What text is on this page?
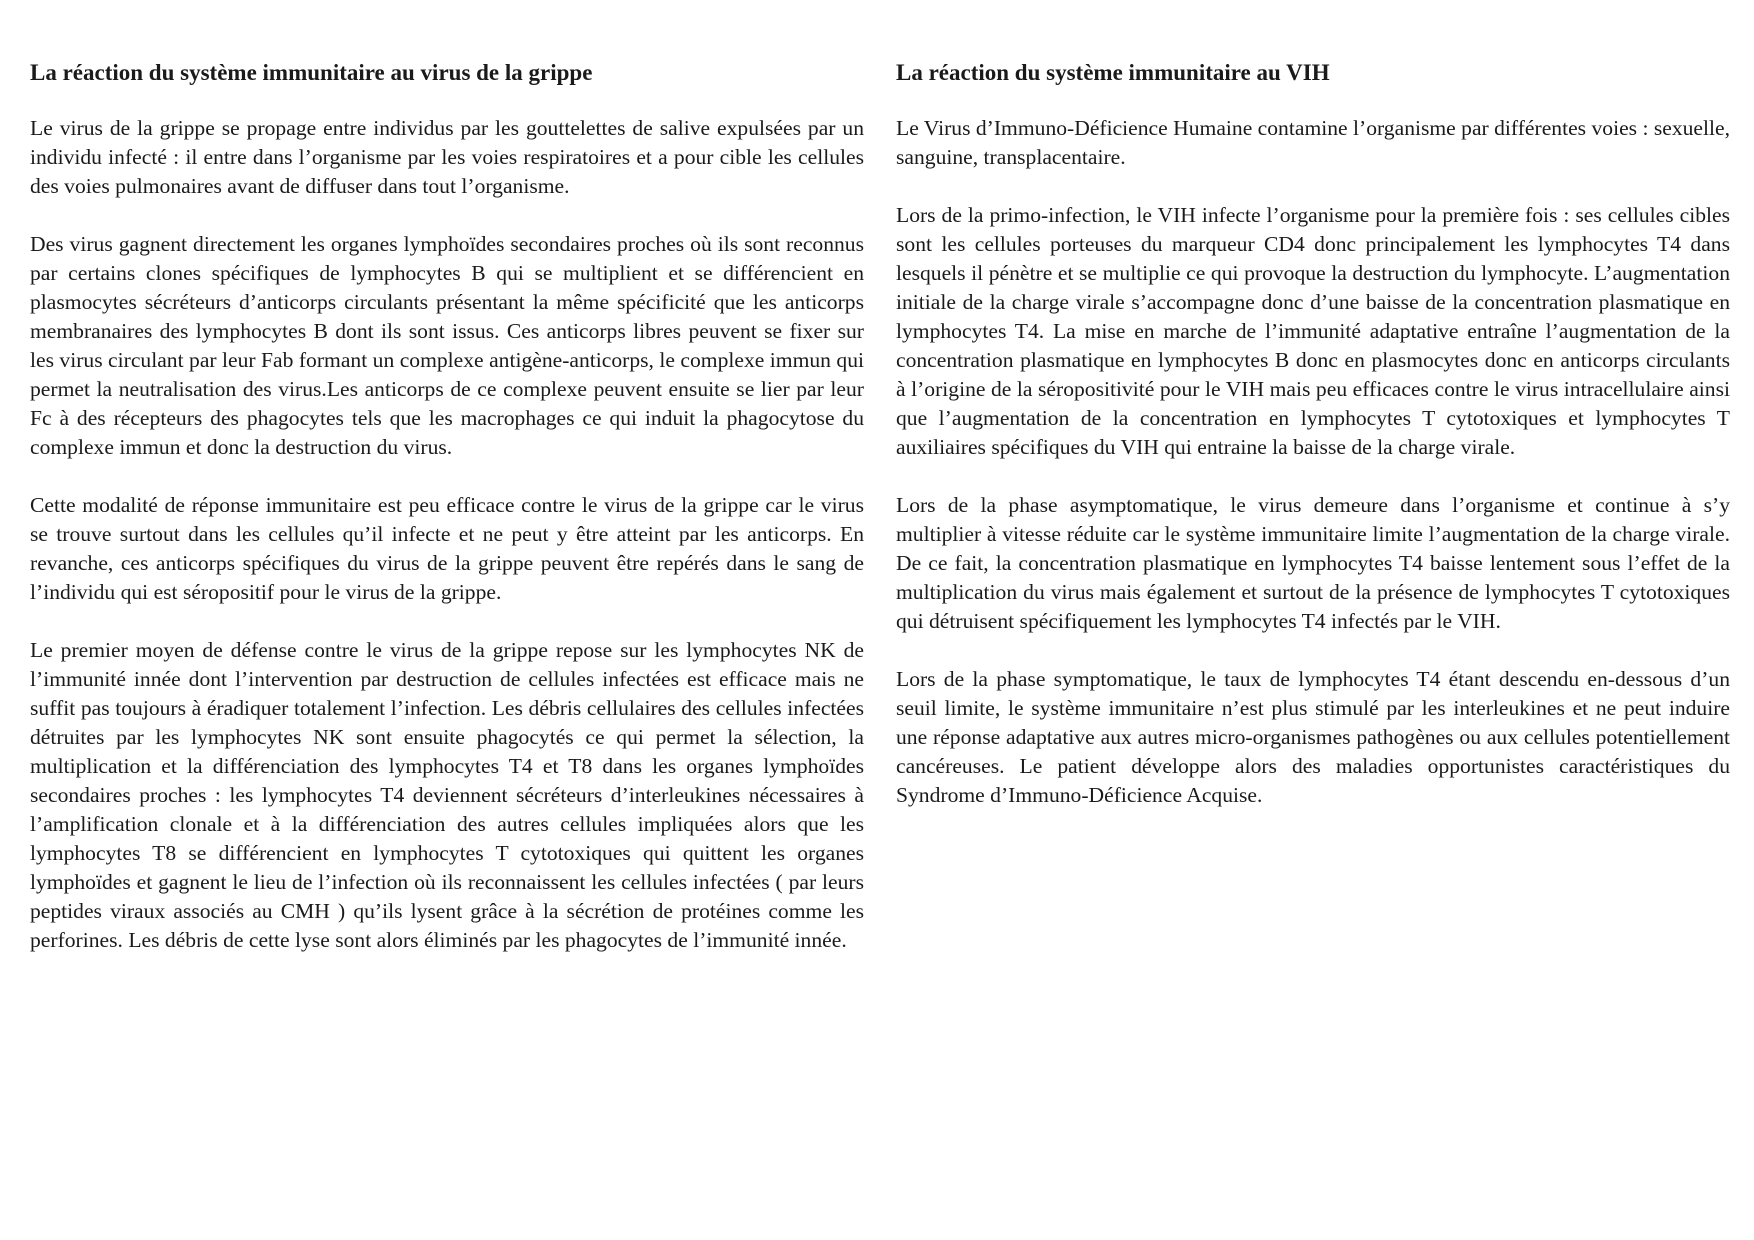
La réaction du système immunitaire au virus de la grippe

Le virus de la grippe se propage entre individus par les gouttelettes de salive expulsées par un individu infecté : il entre dans l’organisme par les voies respiratoires et a pour cible les cellules des voies pulmonaires avant de diffuser dans tout l’organisme.

Des virus gagnent directement les organes lymphoïdes secondaires proches où ils sont reconnus par certains clones spécifiques de lymphocytes B qui se multiplient et se différencient en plasmocytes sécréteurs d’anticorps circulants présentant la même spécificité que les anticorps membranaires des lymphocytes B dont ils sont issus. Ces anticorps libres peuvent se fixer sur les virus circulant par leur Fab formant un complexe antigène-anticorps, le complexe immun qui permet la neutralisation des virus.Les anticorps de ce complexe peuvent ensuite se lier par leur Fc à des récepteurs des phagocytes tels que les macrophages ce qui induit la phagocytose du complexe immun et donc la destruction du virus.

Cette modalité de réponse immunitaire est peu efficace contre le virus de la grippe car le virus se trouve surtout dans les cellules qu’il infecte et ne peut y être atteint par les anticorps. En revanche, ces anticorps spécifiques du virus de la grippe peuvent être repérés dans le sang de l’individu qui est séropositif pour le virus de la grippe.

Le premier moyen de défense contre le virus de la grippe repose sur les lymphocytes NK de l’immunité innée dont l’intervention par destruction de cellules infectées est efficace mais ne suffit pas toujours à éradiquer totalement l’infection. Les débris cellulaires des cellules infectées détruites par les lymphocytes NK sont ensuite phagocytés ce qui permet la sélection, la multiplication et la différenciation des lymphocytes T4 et T8 dans les organes lymphoïdes secondaires proches : les lymphocytes T4 deviennent sécréteurs d’interleukines nécessaires à l’amplification clonale et à la différenciation des autres cellules impliquées alors que les lymphocytes T8 se différencient en lymphocytes T cytotoxiques qui quittent les organes lymphoïdes et gagnent le lieu de l’infection où ils reconnaissent les cellules infectées ( par leurs peptides viraux associés au CMH ) qu’ils lysent grâce à la sécrétion de protéines comme les perforines. Les débris de cette lyse sont alors éliminés par les phagocytes de l’immunité innée.

La réaction du système immunitaire au VIH

Le Virus d’Immuno-Déficience Humaine contamine l’organisme par différentes voies : sexuelle, sanguine, transplacentaire.

Lors de la primo-infection, le VIH infecte l’organisme pour la première fois : ses cellules cibles sont les cellules porteuses du marqueur CD4 donc principalement les lymphocytes T4 dans lesquels il pénètre et se multiplie ce qui provoque la destruction du lymphocyte. L’augmentation initiale de la charge virale s’accompagne donc d’une baisse de la concentration plasmatique en lymphocytes T4. La mise en marche de l’immunité adaptative entraîne l’augmentation de la concentration plasmatique en lymphocytes B donc en plasmocytes donc en anticorps circulants à l’origine de la séropositivité pour le VIH mais peu efficaces contre le virus intracellulaire ainsi que l’augmentation de la concentration en lymphocytes T cytotoxiques et lymphocytes T auxiliaires spécifiques du VIH qui entraine la baisse de la charge virale.

Lors de la phase asymptomatique, le virus demeure dans l’organisme et continue à s’y multiplier à vitesse réduite car le système immunitaire limite l’augmentation de la charge virale. De ce fait, la concentration plasmatique en lymphocytes T4 baisse lentement sous l’effet de la multiplication du virus mais également et surtout de la présence de lymphocytes T cytotoxiques qui détruisent spécifiquement les lymphocytes T4 infectés par le VIH.

Lors de la phase symptomatique, le taux de lymphocytes T4 étant descendu en-dessous d’un seuil limite, le système immunitaire n’est plus stimulé par les interleukines et ne peut induire une réponse adaptative aux autres micro-organismes pathogènes ou aux cellules potentiellement cancéreuses. Le patient développe alors des maladies opportunistes caractéristiques du Syndrome d’Immuno-Déficience Acquise.
